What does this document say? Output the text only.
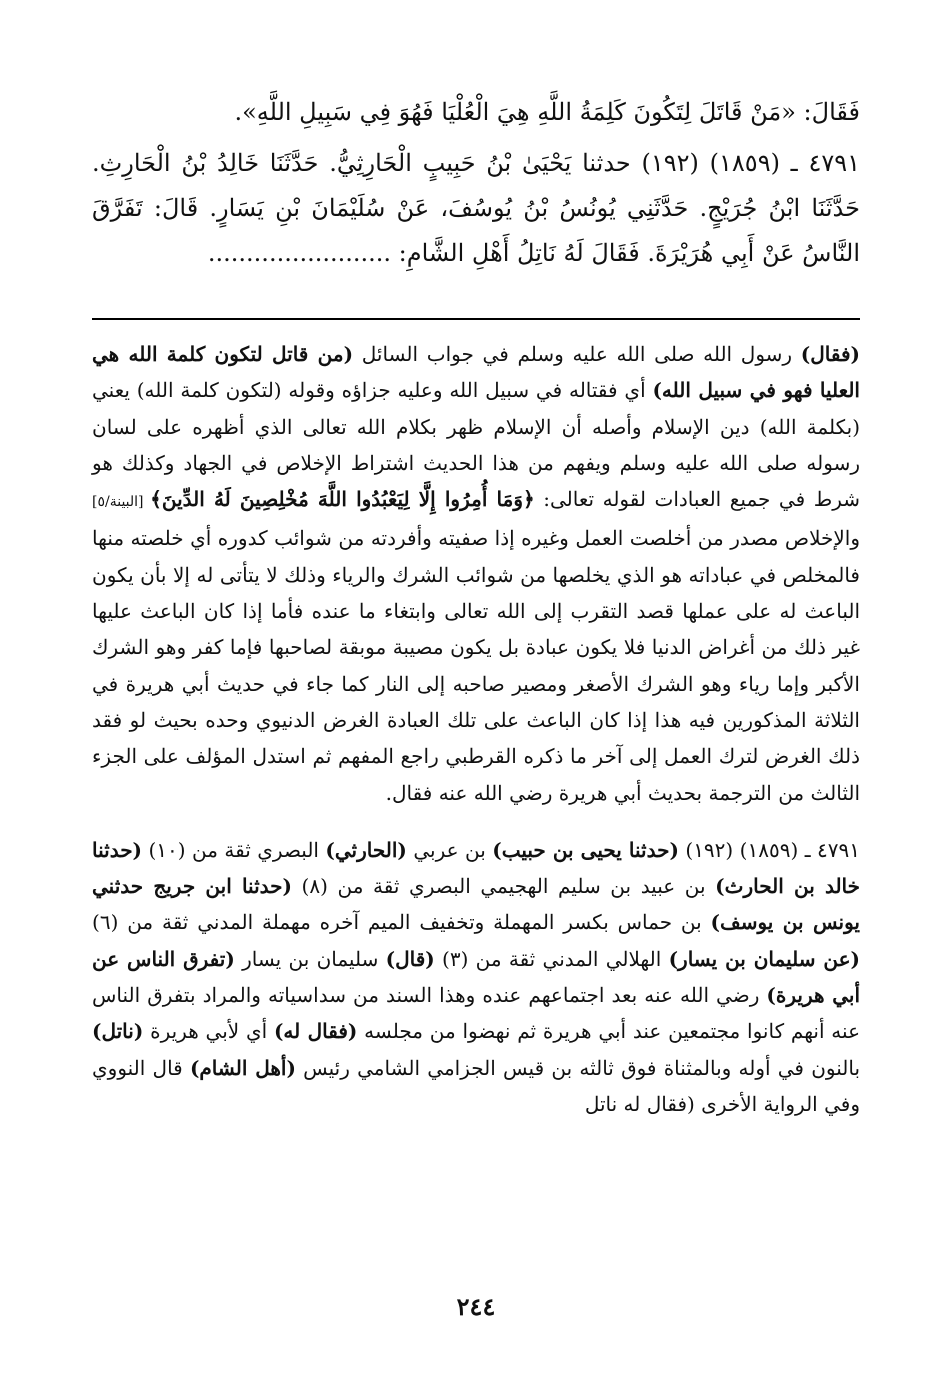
فَقَالَ: «مَنْ قَاتَلَ لِتَكُونَ كَلِمَةُ اللَّهِ هِيَ الْعُلْيَا فَهُوَ فِي سَبِيلِ اللَّهِ».

٤٧٩١ ـ (١٨٥٩) (١٩٢) حدثنا يَحْيَىٰ بْنُ حَبِيبٍ الْحَارِثِيُّ. حَدَّثَنَا خَالِدُ بْنُ الْحَارِثِ. حَدَّثَنَا ابْنُ جُرَيْجٍ. حَدَّثَنِي يُونُسُ بْنُ يُوسُفَ، عَنْ سُلَيْمَانَ بْنِ يَسَارٍ. قَالَ: تَفَرَّقَ النَّاسُ عَنْ أَبِي هُرَيْرَةَ. فَقَالَ لَهُ نَاتِلُ أَهْلِ الشَّامِ: ........................

(فقال) رسول الله صلى الله عليه وسلم في جواب السائل (من قاتل لتكون كلمة الله هي العليا فهو في سبيل الله) أي فقتاله في سبيل الله وعليه جزاؤه وقوله (لتكون كلمة الله) يعني (بكلمة الله) دين الإسلام وأصله أن الإسلام ظهر بكلام الله تعالى الذي أظهره على لسان رسوله صلى الله عليه وسلم ويفهم من هذا الحديث اشتراط الإخلاص في الجهاد وكذلك هو شرط في جميع العبادات لقوله تعالى: ﴿وَمَا أُمِرُوا إِلَّا لِيَعْبُدُوا اللَّهَ مُخْلِصِينَ لَهُ الدِّينَ﴾ [البينة/٥] والإخلاص مصدر من أخلصت العمل وغيره إذا صفيته وأفردته من شوائب كدوره أي خلصته منها فالمخلص في عباداته هو الذي يخلصها من شوائب الشرك والرياء وذلك لا يتأتى له إلا بأن يكون الباعث له على عملها قصد التقرب إلى الله تعالى وابتغاء ما عنده فأما إذا كان الباعث عليها غير ذلك من أغراض الدنيا فلا يكون عبادة بل يكون مصيبة موبقة لصاحبها فإما كفر وهو الشرك الأكبر وإما رياء وهو الشرك الأصغر ومصير صاحبه إلى النار كما جاء في حديث أبي هريرة في الثلاثة المذكورين فيه هذا إذا كان الباعث على تلك العبادة الغرض الدنيوي وحده بحيث لو فقد ذلك الغرض لترك العمل إلى آخر ما ذكره القرطبي راجع المفهم ثم استدل المؤلف على الجزء الثالث من الترجمة بحديث أبي هريرة رضي الله عنه فقال.

٤٧٩١ ـ (١٨٥٩) (١٩٢) (حدثنا يحيى بن حبيب) بن عربي (الحارثي) البصري ثقة من (١٠) (حدثنا خالد بن الحارث) بن عبيد بن سليم الهجيمي البصري ثقة من (٨) (حدثنا ابن جريج حدثني يونس بن يوسف) بن حماس بكسر المهملة وتخفيف الميم آخره مهملة المدني ثقة من (٦) (عن سليمان بن يسار) الهلالي المدني ثقة من (٣) (قال) سليمان بن يسار (تفرق الناس عن أبي هريرة) رضي الله عنه بعد اجتماعهم عنده وهذا السند من سداسياته والمراد بتفرق الناس عنه أنهم كانوا مجتمعين عند أبي هريرة ثم نهضوا من مجلسه (فقال له) أي لأبي هريرة (ناتل) بالنون في أوله وبالمثناة فوق ثالثه بن قيس الجزامي الشامي رئيس (أهل الشام) قال النووي وفي الرواية الأخرى (فقال له ناتل

٢٤٤
